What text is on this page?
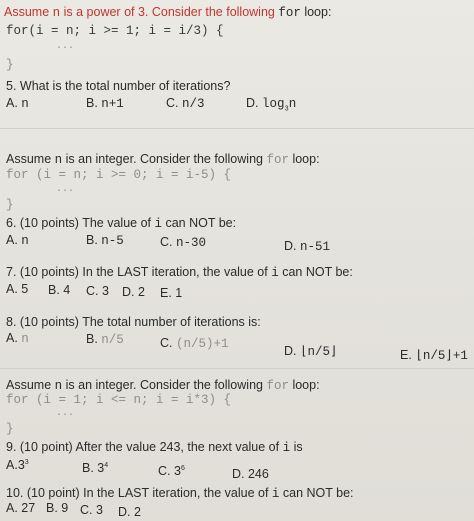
Assume n is a power of 3. Consider the following for loop:
for(i = n; i >= 1; i = i/3) {
...
}
5. What is the total number of iterations?
A. n	B. n+1	C. n/3	D. $\log_3n$
Assume n is an integer. Consider the following for loop:
for (i = n; i >= 0; i = i-5) {
...
}
6. (10 points) The value of i can NOT be:
A. n	B. n-5	C. n-30	D. n-51
7. (10 points) In the LAST iteration, the value of i can NOT be:
A. 5 B. 4 C. 3 D. 2 E. 1
8. (10 points) The total number of iterations is:
A. n	B. n/5	C. (n/5)+1	D. ⌊n/5⌋	E. ⌊n/5⌋+1
Assume n is an integer. Consider the following for loop:
for (i = 1; i <= n; i = i*3) {
...
}
9. (10 point) After the value 243, the next value of i is
$A.3^3$	B. $3^4$	C. $3^6$	D. 246
10. (10 point) In the LAST iteration, the value of i can NOT be:
A. 27 B. 9 C. 3 D. 2
